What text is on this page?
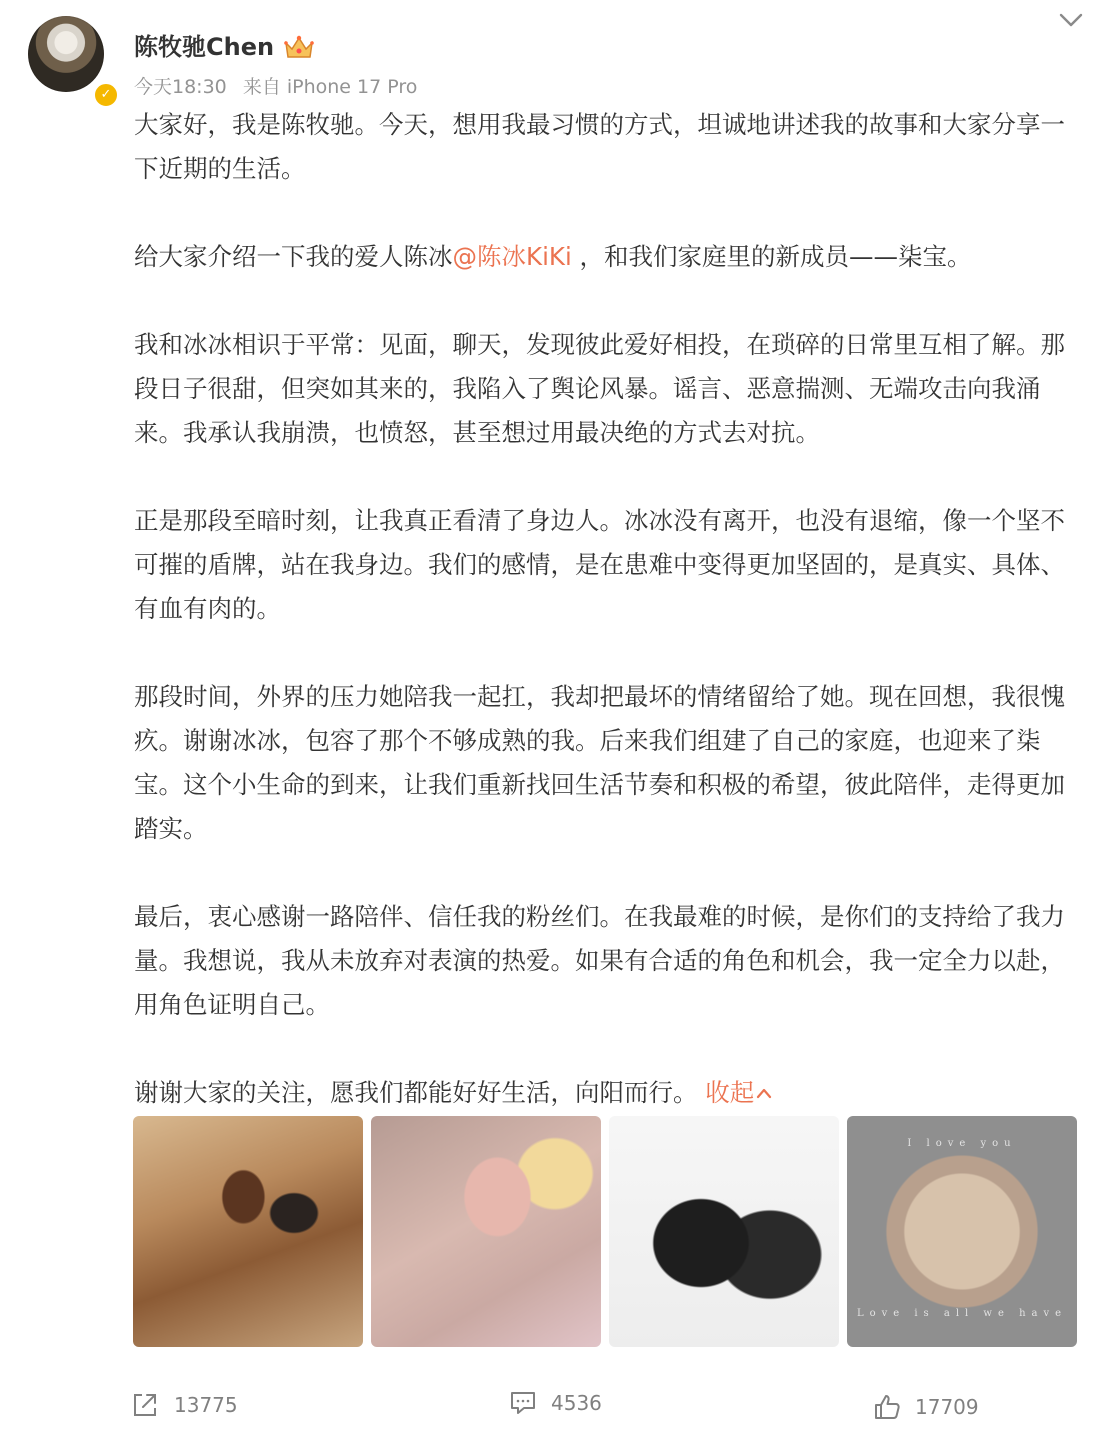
✓
陈牧驰Chen
今天18:30 来自 iPhone 17 Pro

大家好，我是陈牧驰。今天，想用我最习惯的方式，坦诚地讲述我的故事和大家分享一下近期的生活。

给大家介绍一下我的爱人陈冰@陈冰KiKi ，和我们家庭里的新成员——柒宝。

我和冰冰相识于平常：见面，聊天，发现彼此爱好相投，在琐碎的日常里互相了解。那段日子很甜，但突如其来的，我陷入了舆论风暴。谣言、恶意揣测、无端攻击向我涌来。我承认我崩溃，也愤怒，甚至想过用最决绝的方式去对抗。

正是那段至暗时刻，让我真正看清了身边人。冰冰没有离开，也没有退缩，像一个坚不可摧的盾牌，站在我身边。我们的感情，是在患难中变得更加坚固的，是真实、具体、有血有肉的。

那段时间，外界的压力她陪我一起扛，我却把最坏的情绪留给了她。现在回想，我很愧疚。谢谢冰冰，包容了那个不够成熟的我。后来我们组建了自己的家庭，也迎来了柒宝。这个小生命的到来，让我们重新找回生活节奏和积极的希望，彼此陪伴，走得更加踏实。

最后，衷心感谢一路陪伴、信任我的粉丝们。在我最难的时候，是你们的支持给了我力量。我想说，我从未放弃对表演的热爱。如果有合适的角色和机会，我一定全力以赴，用角色证明自己。

谢谢大家的关注，愿我们都能好好生活，向阳而行。 收起

I love you
Love is all we have
13775	4536	17709
